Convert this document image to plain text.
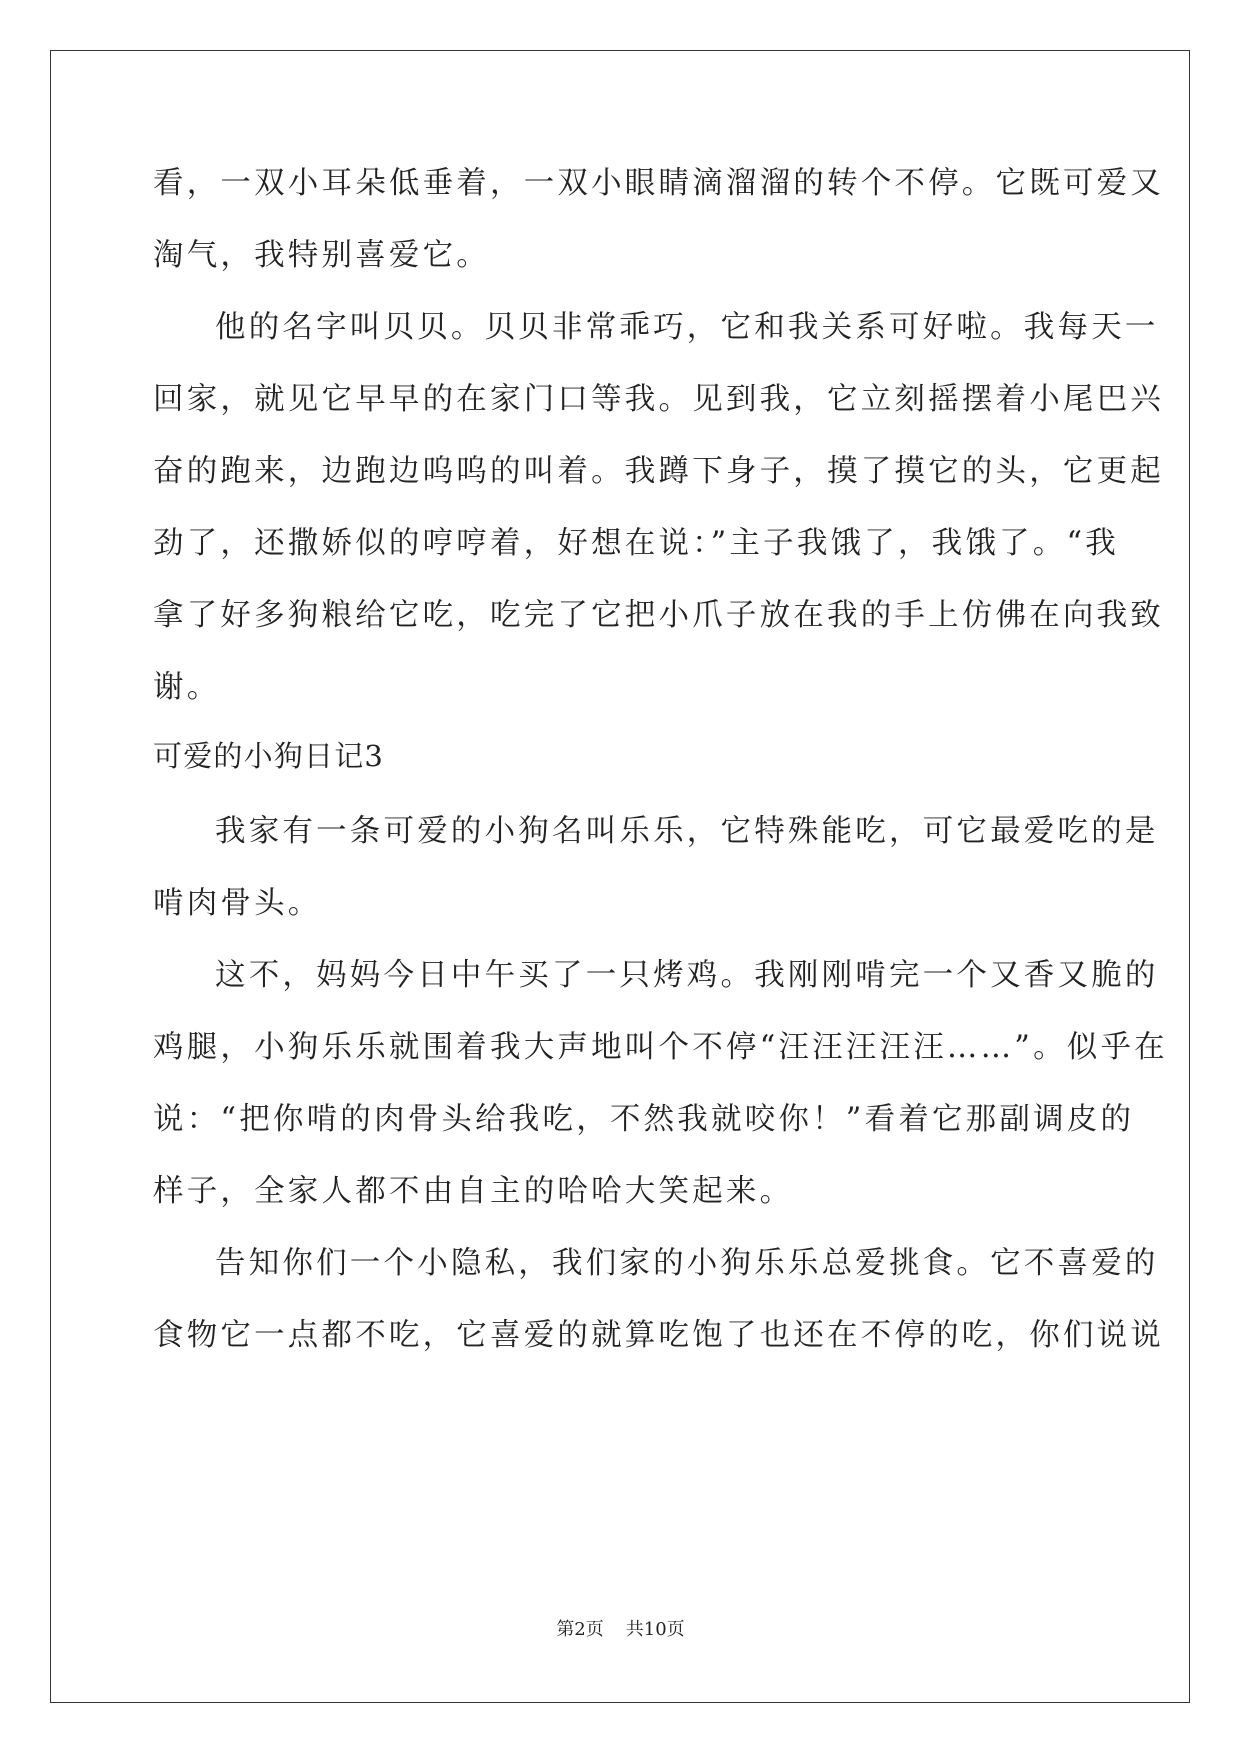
看，一双小耳朵低垂着，一双小眼睛滴溜溜的转个不停。它既可爱又
淘气，我特别喜爱它。
他的名字叫贝贝。贝贝非常乖巧，它和我关系可好啦。我每天一
回家，就见它早早的在家门口等我。见到我，它立刻摇摆着小尾巴兴
奋的跑来，边跑边呜呜的叫着。我蹲下身子，摸了摸它的头，它更起
劲了，还撒娇似的哼哼着，好想在说：”主子我饿了，我饿了。“我
拿了好多狗粮给它吃，吃完了它把小爪子放在我的手上仿佛在向我致
谢。
可爱的小狗日记3
我家有一条可爱的小狗名叫乐乐，它特殊能吃，可它最爱吃的是
啃肉骨头。
这不，妈妈今日中午买了一只烤鸡。我刚刚啃完一个又香又脆的
鸡腿，小狗乐乐就围着我大声地叫个不停“汪汪汪汪汪……”。似乎在
说：“把你啃的肉骨头给我吃，不然我就咬你！”看着它那副调皮的
样子，全家人都不由自主的哈哈大笑起来。
告知你们一个小隐私，我们家的小狗乐乐总爱挑食。它不喜爱的
食物它一点都不吃，它喜爱的就算吃饱了也还在不停的吃，你们说说
第2页 共10页
